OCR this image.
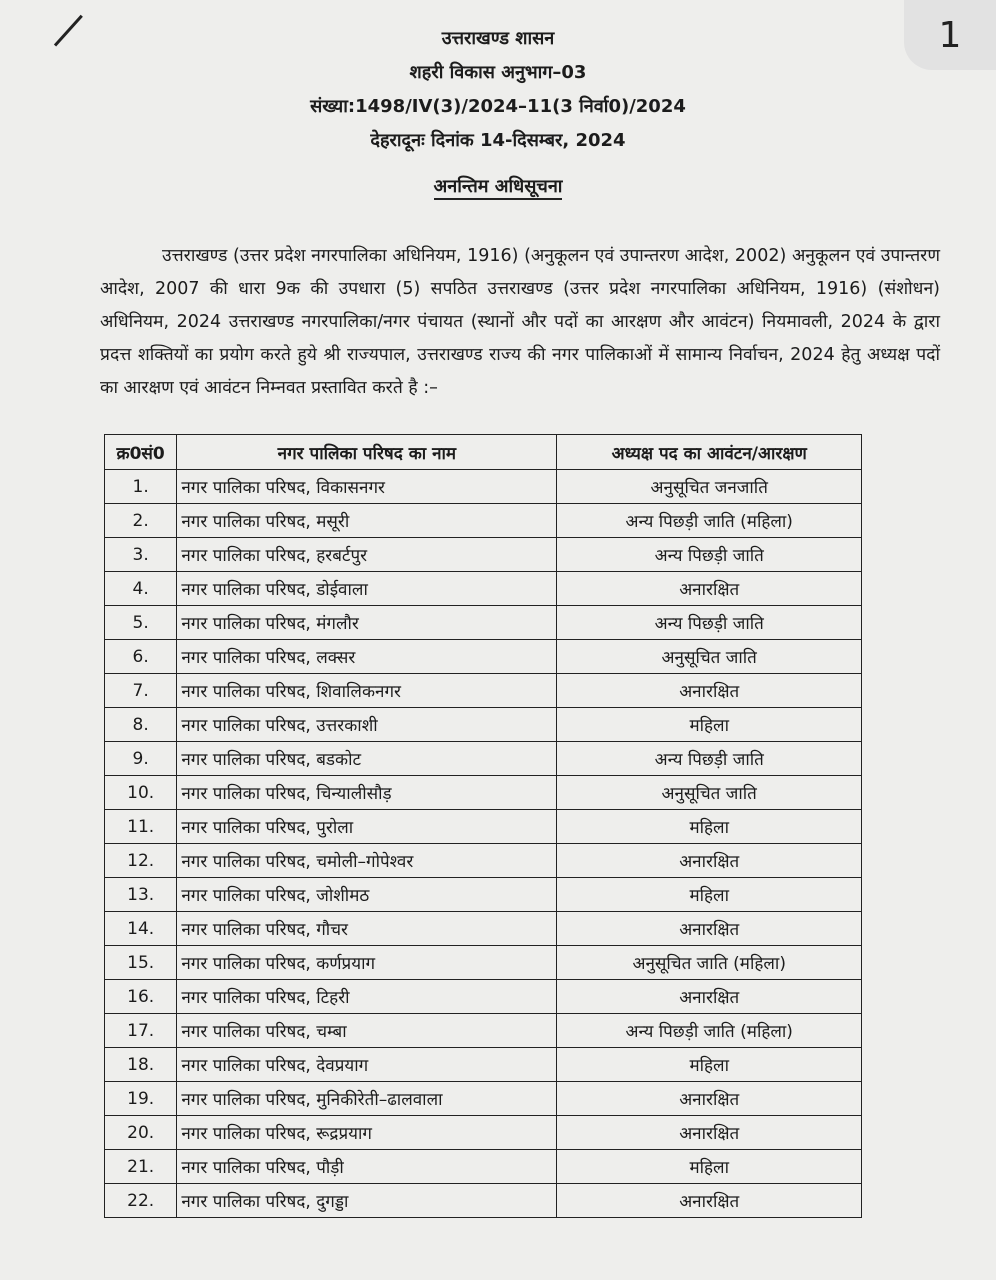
1
उत्तराखण्ड शासन
शहरी विकास अनुभाग–03
संख्या:1498/IV(3)/2024–11(3 निर्वा0)/2024
देहरादूनः दिनांक 14-दिसम्बर, 2024
अनन्तिम अधिसूचना

उत्तराखण्ड (उत्तर प्रदेश नगरपालिका अधिनियम, 1916) (अनुकूलन एवं उपान्तरण आदेश, 2002) अनुकूलन एवं उपान्तरण आदेश, 2007 की धारा 9क की उपधारा (5) सपठित उत्तराखण्ड (उत्तर प्रदेश नगरपालिका अधिनियम, 1916) (संशोधन) अधिनियम, 2024 उत्तराखण्ड नगरपालिका/नगर पंचायत (स्थानों और पदों का आरक्षण और आवंटन) नियमावली, 2024 के द्वारा प्रदत्त शक्तियों का प्रयोग करते हुये श्री राज्यपाल, उत्तराखण्ड राज्य की नगर पालिकाओं में सामान्य निर्वाचन, 2024 हेतु अध्यक्ष पदों का आरक्षण एवं आवंटन निम्नवत प्रस्तावित करते है :–

क्र0सं0	नगर पालिका परिषद का नाम	अध्यक्ष पद का आवंटन/आरक्षण
1.	नगर पालिका परिषद, विकासनगर	अनुसूचित जनजाति
2.	नगर पालिका परिषद, मसूरी	अन्य पिछड़ी जाति (महिला)
3.	नगर पालिका परिषद, हरबर्टपुर	अन्य पिछड़ी जाति
4.	नगर पालिका परिषद, डोईवाला	अनारक्षित
5.	नगर पालिका परिषद, मंगलौर	अन्य पिछड़ी जाति
6.	नगर पालिका परिषद, लक्सर	अनुसूचित जाति
7.	नगर पालिका परिषद, शिवालिकनगर	अनारक्षित
8.	नगर पालिका परिषद, उत्तरकाशी	महिला
9.	नगर पालिका परिषद, बडकोट	अन्य पिछड़ी जाति
10.	नगर पालिका परिषद, चिन्यालीसौड़	अनुसूचित जाति
11.	नगर पालिका परिषद, पुरोला	महिला
12.	नगर पालिका परिषद, चमोली–गोपेश्वर	अनारक्षित
13.	नगर पालिका परिषद, जोशीमठ	महिला
14.	नगर पालिका परिषद, गौचर	अनारक्षित
15.	नगर पालिका परिषद, कर्णप्रयाग	अनुसूचित जाति (महिला)
16.	नगर पालिका परिषद, टिहरी	अनारक्षित
17.	नगर पालिका परिषद, चम्बा	अन्य पिछड़ी जाति (महिला)
18.	नगर पालिका परिषद, देवप्रयाग	महिला
19.	नगर पालिका परिषद, मुनिकीरेती–ढालवाला	अनारक्षित
20.	नगर पालिका परिषद, रूद्रप्रयाग	अनारक्षित
21.	नगर पालिका परिषद, पौड़ी	महिला
22.	नगर पालिका परिषद, दुगड्डा	अनारक्षित
